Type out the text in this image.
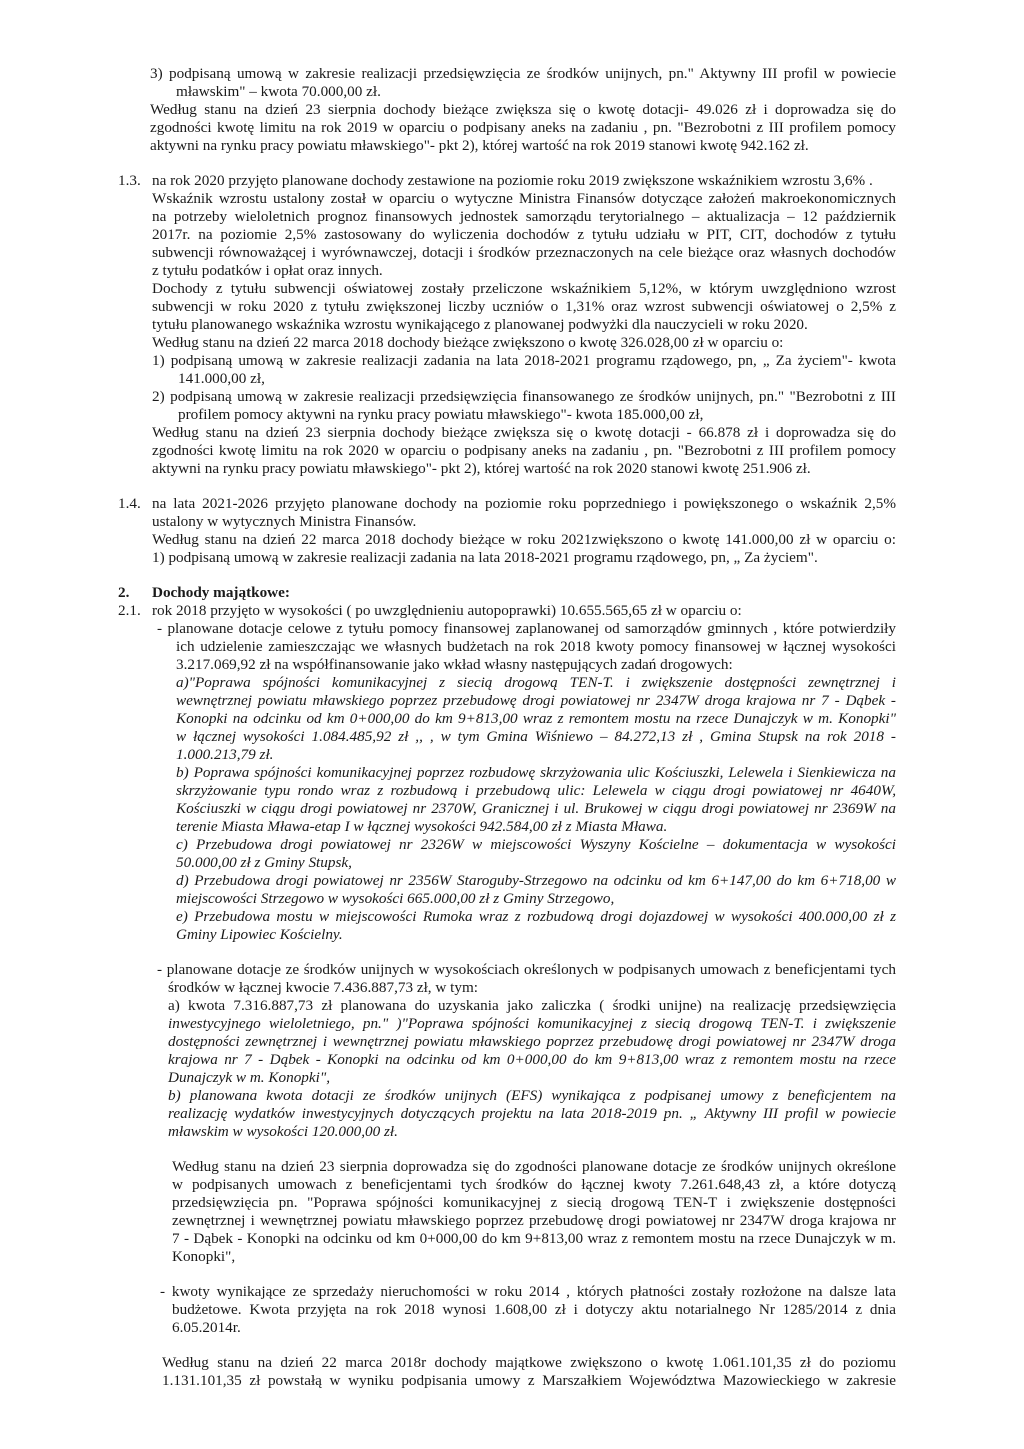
3) podpisaną umową w zakresie realizacji przedsięwzięcia ze środków unijnych, pn." Aktywny III profil w powiecie
mławskim" – kwota 70.000,00 zł.
Według stanu na dzień 23 sierpnia dochody bieżące zwiększa się o kwotę dotacji- 49.026 zł i doprowadza się do
zgodności kwotę limitu na rok 2019 w oparciu o podpisany aneks na zadaniu , pn. "Bezrobotni z III profilem pomocy
aktywni na rynku pracy powiatu mławskiego"- pkt 2), której wartość na rok 2019 stanowi kwotę 942.162 zł.
1.3. na rok 2020 przyjęto planowane dochody zestawione na poziomie roku 2019 zwiększone wskaźnikiem wzrostu 3,6% .
Wskaźnik wzrostu ustalony został w oparciu o wytyczne Ministra Finansów dotyczące założeń makroekonomicznych
na potrzeby wieloletnich prognoz finansowych jednostek samorządu terytorialnego – aktualizacja – 12 październik
2017r. na poziomie 2,5% zastosowany do wyliczenia dochodów z tytułu udziału w PIT, CIT, dochodów z tytułu
subwencji równoważącej i wyrównawczej, dotacji i środków przeznaczonych na cele bieżące oraz własnych dochodów
z tytułu podatków i opłat oraz innych.
Dochody z tytułu subwencji oświatowej zostały przeliczone wskaźnikiem 5,12%, w którym uwzględniono wzrost
subwencji w roku 2020 z tytułu zwiększonej liczby uczniów o 1,31% oraz wzrost subwencji oświatowej o 2,5% z
tytułu planowanego wskaźnika wzrostu wynikającego z planowanej podwyżki dla nauczycieli w roku 2020.
Według stanu na dzień 22 marca 2018 dochody bieżące zwiększono o kwotę 326.028,00 zł w oparciu o:
1) podpisaną umową w zakresie realizacji zadania na lata 2018-2021 programu rządowego, pn, „ Za życiem"- kwota
141.000,00 zł,
2) podpisaną umową w zakresie realizacji przedsięwzięcia finansowanego ze środków unijnych, pn." "Bezrobotni z III
profilem pomocy aktywni na rynku pracy powiatu mławskiego"- kwota 185.000,00 zł,
Według stanu na dzień 23 sierpnia dochody bieżące zwiększa się o kwotę dotacji - 66.878 zł i doprowadza się do
zgodności kwotę limitu na rok 2020 w oparciu o podpisany aneks na zadaniu , pn. "Bezrobotni z III profilem pomocy
aktywni na rynku pracy powiatu mławskiego"- pkt 2), której wartość na rok 2020 stanowi kwotę 251.906 zł.
1.4. na lata 2021-2026 przyjęto planowane dochody na poziomie roku poprzedniego i powiększonego o wskaźnik 2,5%
ustalony w wytycznych Ministra Finansów.
Według stanu na dzień 22 marca 2018 dochody bieżące w roku 2021zwiększono o kwotę 141.000,00 zł w oparciu o:
1) podpisaną umową w zakresie realizacji zadania na lata 2018-2021 programu rządowego, pn, „ Za życiem".
2. Dochody majątkowe:
2.1. rok 2018 przyjęto w wysokości ( po uwzględnieniu autopoprawki) 10.655.565,65 zł w oparciu o:
- planowane dotacje celowe z tytułu pomocy finansowej zaplanowanej od samorządów gminnych , które potwierdziły
ich udzielenie zamieszczając we własnych budżetach na rok 2018 kwoty pomocy finansowej w łącznej wysokości
3.217.069,92 zł na współfinansowanie jako wkład własny następujących zadań drogowych:
a)"Poprawa spójności komunikacyjnej z siecią drogową TEN-T. i zwiększenie dostępności zewnętrznej i
wewnętrznej powiatu mławskiego poprzez przebudowę drogi powiatowej nr 2347W droga krajowa nr 7 - Dąbek -
Konopki na odcinku od km 0+000,00 do km 9+813,00 wraz z remontem mostu na rzece Dunajczyk w m. Konopki"
w łącznej wysokości 1.084.485,92 zł ,, , w tym Gmina Wiśniewo – 84.272,13 zł , Gmina Stupsk na rok 2018 -
1.000.213,79 zł.
b) Poprawa spójności komunikacyjnej poprzez rozbudowę skrzyżowania ulic Kościuszki, Lelewela i Sienkiewicza na
skrzyżowanie typu rondo wraz z rozbudową i przebudową ulic: Lelewela w ciągu drogi powiatowej nr 4640W,
Kościuszki w ciągu drogi powiatowej nr 2370W, Granicznej i ul. Brukowej w ciągu drogi powiatowej nr 2369W na
terenie Miasta Mława-etap I w łącznej wysokości 942.584,00 zł z Miasta Mława.
c) Przebudowa drogi powiatowej nr 2326W w miejscowości Wyszyny Kościelne – dokumentacja w wysokości
50.000,00 zł z Gminy Stupsk,
d) Przebudowa drogi powiatowej nr 2356W Staroguby-Strzegowo na odcinku od km 6+147,00 do km 6+718,00 w
miejscowości Strzegowo w wysokości 665.000,00 zł z Gminy Strzegowo,
e) Przebudowa mostu w miejscowości Rumoka wraz z rozbudową drogi dojazdowej w wysokości 400.000,00 zł z
Gminy Lipowiec Kościelny.
- planowane dotacje ze środków unijnych w wysokościach określonych w podpisanych umowach z beneficjentami tych
środków w łącznej kwocie 7.436.887,73 zł, w tym:
a) kwota 7.316.887,73 zł planowana do uzyskania jako zaliczka ( środki unijne) na realizację przedsięwzięcia
inwestycyjnego wieloletniego, pn." )"Poprawa spójności komunikacyjnej z siecią drogową TEN-T. i zwiększenie
dostępności zewnętrznej i wewnętrznej powiatu mławskiego poprzez przebudowę drogi powiatowej nr 2347W droga
krajowa nr 7 - Dąbek - Konopki na odcinku od km 0+000,00 do km 9+813,00 wraz z remontem mostu na rzece
Dunajczyk w m. Konopki",
b) planowana kwota dotacji ze środków unijnych (EFS) wynikająca z podpisanej umowy z beneficjentem na
realizację wydatków inwestycyjnych dotyczących projektu na lata 2018-2019 pn. „ Aktywny III profil w powiecie
mławskim w wysokości 120.000,00 zł.
Według stanu na dzień 23 sierpnia doprowadza się do zgodności planowane dotacje ze środków unijnych określone
w podpisanych umowach z beneficjentami tych środków do łącznej kwoty 7.261.648,43 zł, a które dotyczą
przedsięwzięcia pn. "Poprawa spójności komunikacyjnej z siecią drogową TEN-T i zwiększenie dostępności
zewnętrznej i wewnętrznej powiatu mławskiego poprzez przebudowę drogi powiatowej nr 2347W droga krajowa nr
7 - Dąbek - Konopki na odcinku od km 0+000,00 do km 9+813,00 wraz z remontem mostu na rzece Dunajczyk w m.
Konopki",
- kwoty wynikające ze sprzedaży nieruchomości w roku 2014 , których płatności zostały rozłożone na dalsze lata
budżetowe. Kwota przyjęta na rok 2018 wynosi 1.608,00 zł i dotyczy aktu notarialnego Nr 1285/2014 z dnia
6.05.2014r.
Według stanu na dzień 22 marca 2018r dochody majątkowe zwiększono o kwotę 1.061.101,35 zł do poziomu
1.131.101,35 zł powstałą w wyniku podpisania umowy z Marszałkiem Województwa Mazowieckiego w zakresie
